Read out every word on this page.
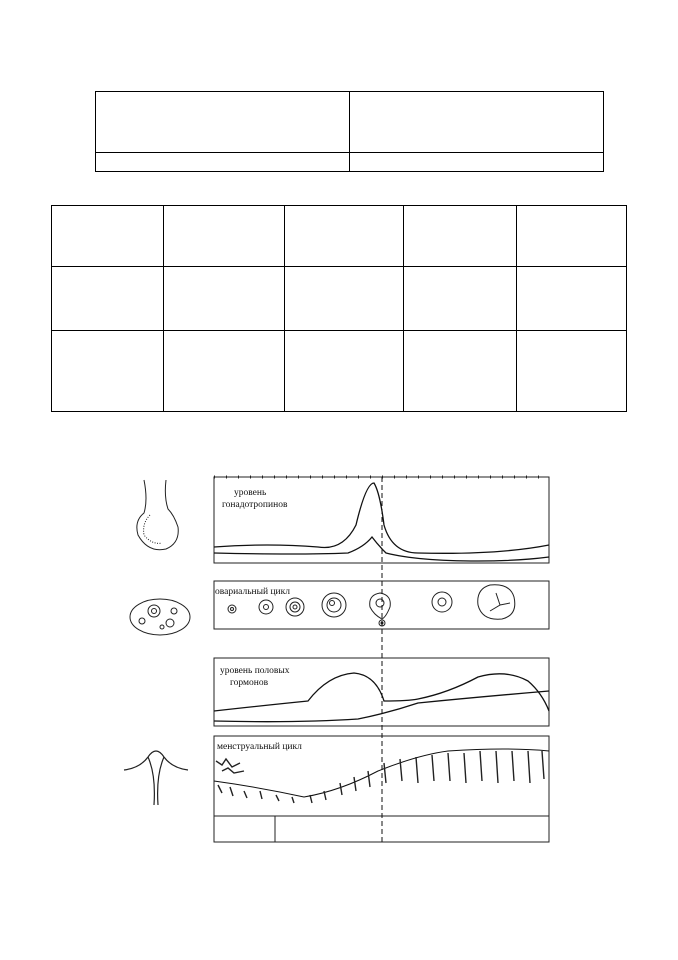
уровень
гонадотропинов
овариальный цикл
уровень половых
гормонов
менструальный цикл
